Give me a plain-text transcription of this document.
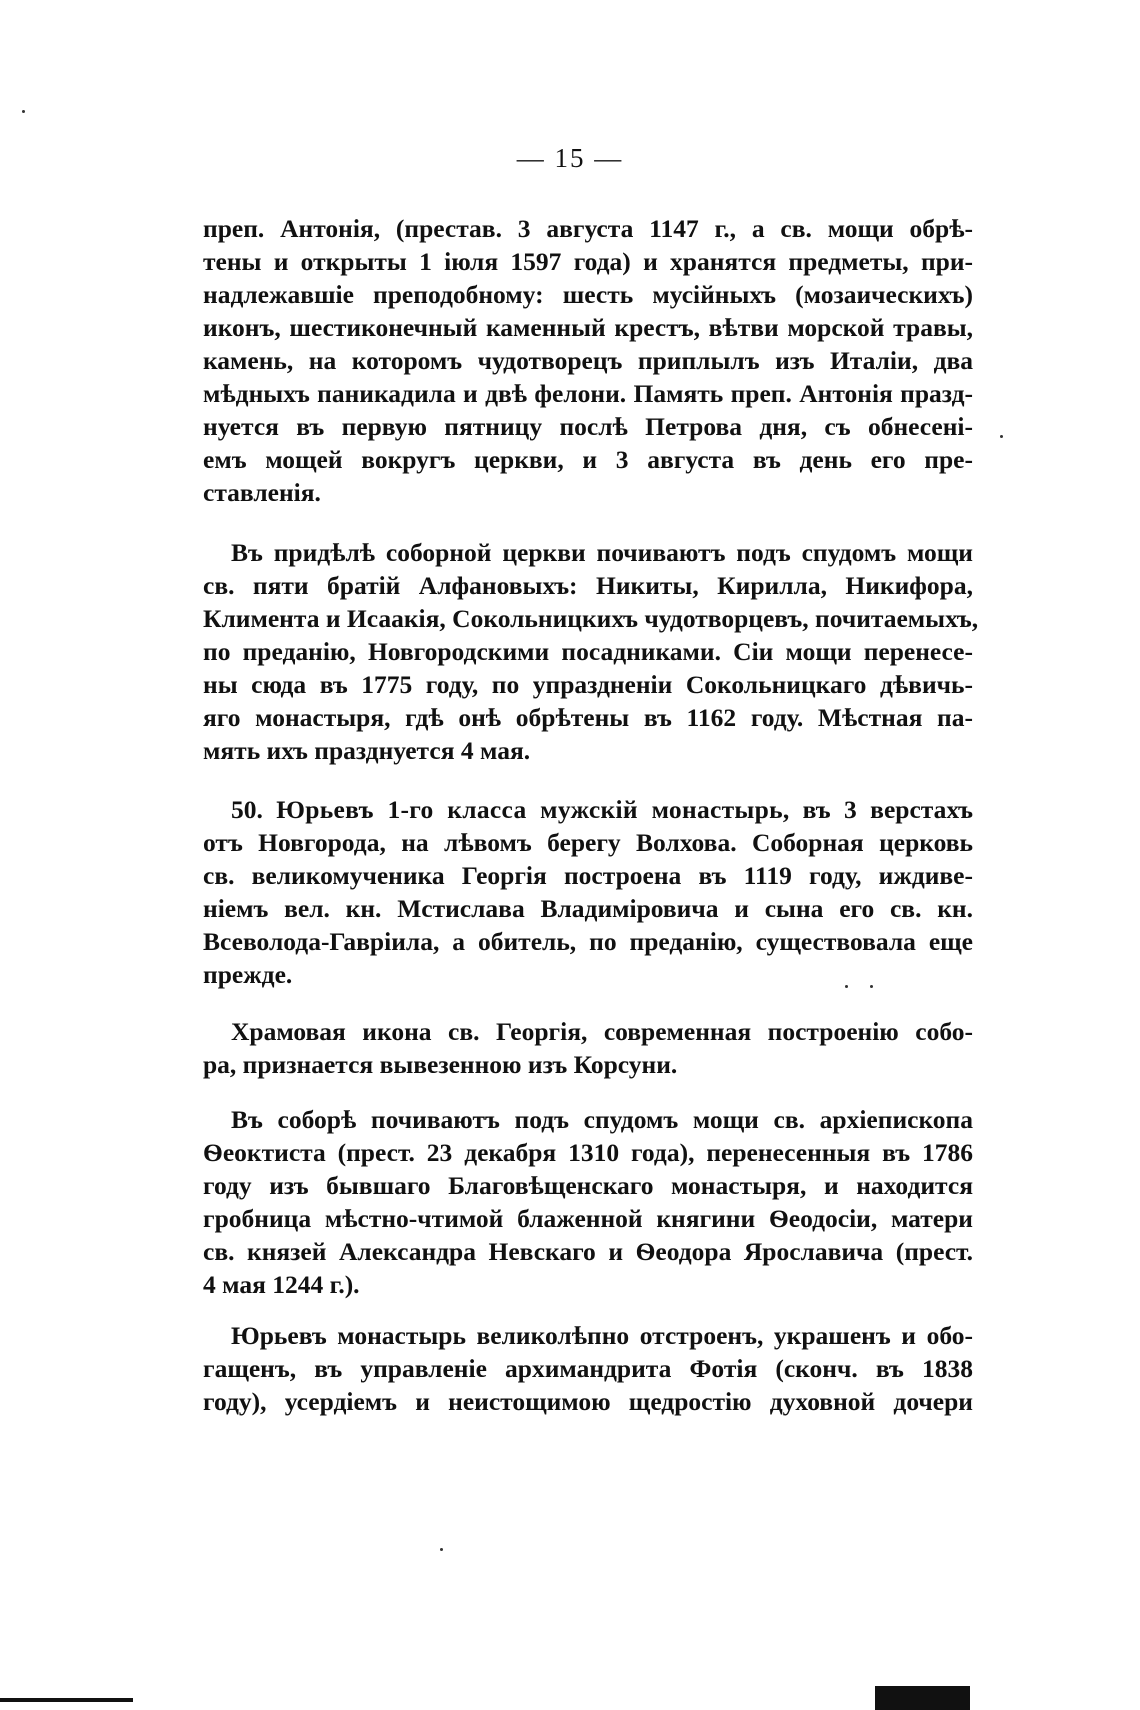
— 15 —

преп. Антонія, (престав. 3 августа 1147 г., а св. мощи обрѣ-
тены и открыты 1 іюля 1597 года) и хранятся предметы, при-
надлежавшіе преподобному: шесть мусійныхъ (мозаическихъ)
иконъ, шестиконечный каменный крестъ, вѣтви морской травы,
камень, на которомъ чудотворецъ приплылъ изъ Италіи, два
мѣдныхъ паникадила и двѣ фелони. Память преп. Антонія празд-
нуется въ первую пятницу послѣ Петрова дня, съ обнесені-
емъ мощей вокругъ церкви, и 3 августа въ день его пре-
ставленія.

Въ придѣлѣ соборной церкви почиваютъ подъ спудомъ мощи
св. пяти братій Алфановыхъ: Никиты, Кирилла, Никифора,
Климента и Исаакія, Сокольницкихъ чудотворцевъ, почитаемыхъ,
по преданію, Новгородскими посадниками. Сіи мощи перенесе-
ны сюда въ 1775 году, по упраздненіи Сокольницкаго дѣвичь-
яго монастыря, гдѣ онѣ обрѣтены въ 1162 году. Мѣстная па-
мять ихъ празднуется 4 мая.

50. Юрьевъ 1-го класса мужскій монастырь, въ 3 верстахъ
отъ Новгорода, на лѣвомъ берегу Волхова. Соборная церковь
св. великомученика Георгія построена въ 1119 году, иждиве-
ніемъ вел. кн. Мстислава Владиміровича и сына его св. кн.
Всеволода-Гавріила, а обитель, по преданію, существовала еще
прежде.

Храмовая икона св. Георгія, современная построенію собо-
ра, признается вывезенною изъ Корсуни.

Въ соборѣ почиваютъ подъ спудомъ мощи св. архіепископа
Ѳеоктиста (прест. 23 декабря 1310 года), перенесенныя въ 1786
году изъ бывшаго Благовѣщенскаго монастыря, и находится
гробница мѣстно-чтимой блаженной княгини Ѳеодосіи, матери
св. князей Александра Невскаго и Ѳеодора Ярославича (прест.
4 мая 1244 г.).

Юрьевъ монастырь великолѣпно отстроенъ, украшенъ и обо-
гащенъ, въ управленіе архимандрита Фотія (сконч. въ 1838
году), усердіемъ и неистощимою щедростію духовной дочери
